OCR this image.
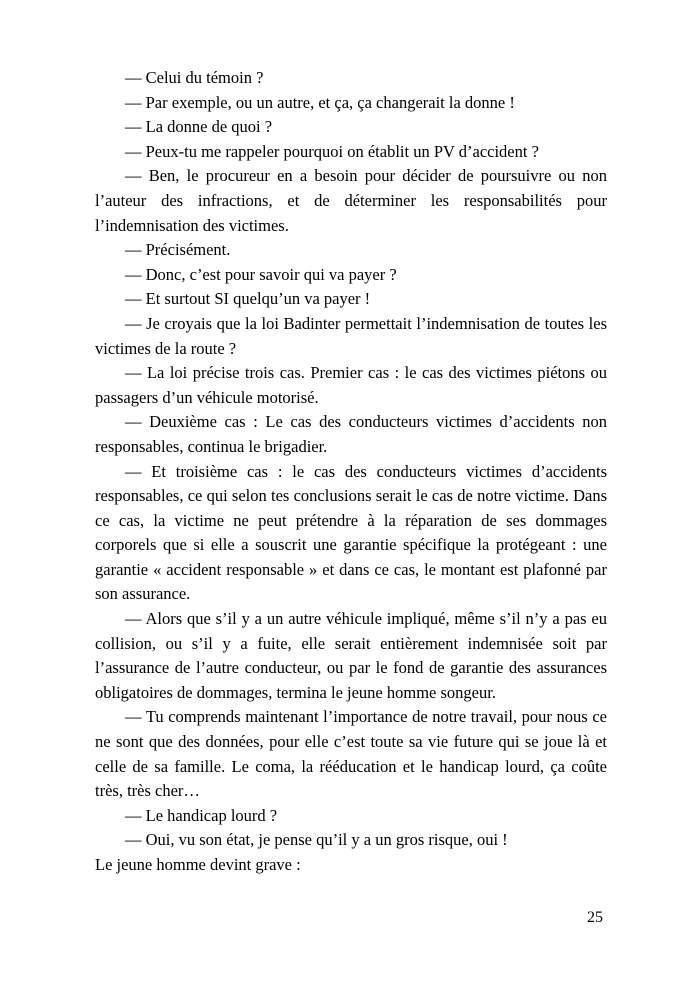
— Celui du témoin ?

— Par exemple, ou un autre, et ça, ça changerait la donne !

— La donne de quoi ?

— Peux-tu me rappeler pourquoi on établit un PV d’accident ?

— Ben, le procureur en a besoin pour décider de poursuivre ou non l’auteur des infractions, et de déterminer les responsabilités pour l’indemnisation des victimes.

— Précisément.

— Donc, c’est pour savoir qui va payer ?

— Et surtout SI quelqu’un va payer !

— Je croyais que la loi Badinter permettait l’indemnisation de toutes les victimes de la route ?

— La loi précise trois cas. Premier cas : le cas des victimes piétons ou passagers d’un véhicule motorisé.

— Deuxième cas : Le cas des conducteurs victimes d’accidents non responsables, continua le brigadier.

— Et troisième cas : le cas des conducteurs victimes d’accidents responsables, ce qui selon tes conclusions serait le cas de notre victime. Dans ce cas, la victime ne peut prétendre à la réparation de ses dommages corporels que si elle a souscrit une garantie spécifique la protégeant : une garantie « accident responsable » et dans ce cas, le montant est plafonné par son assurance.

— Alors que s’il y a un autre véhicule impliqué, même s’il n’y a pas eu collision, ou s’il y a fuite, elle serait entièrement indemnisée soit par l’assurance de l’autre conducteur, ou par le fond de garantie des assurances obligatoires de dommages, termina le jeune homme songeur.

— Tu comprends maintenant l’importance de notre travail, pour nous ce ne sont que des données, pour elle c’est toute sa vie future qui se joue là et celle de sa famille. Le coma, la rééducation et le handicap lourd, ça coûte très, très cher…

— Le handicap lourd ?

— Oui, vu son état, je pense qu’il y a un gros risque, oui !

Le jeune homme devint grave :

25
